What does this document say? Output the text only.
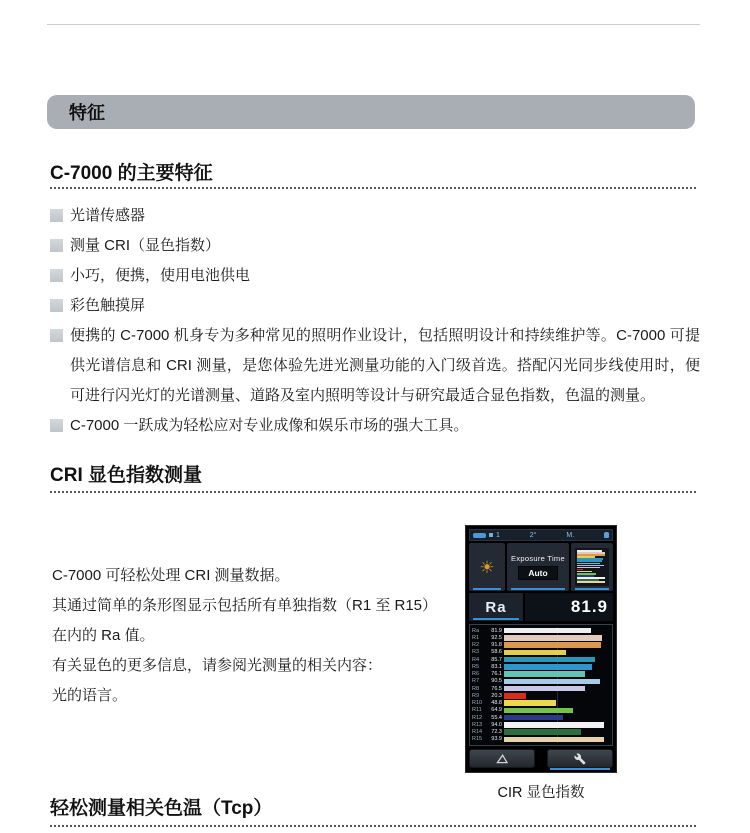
特征
C-7000 的主要特征
光谱传感器
测量 CRI（显色指数）
小巧，便携，使用电池供电
彩色触摸屏
便携的 C-7000 机身专为多种常见的照明作业设计，包括照明设计和持续维护等。C-7000 可提供光谱信息和 CRI 测量，是您体验先进光测量功能的入门级首选。搭配闪光同步线使用时，便可进行闪光灯的光谱测量、道路及室内照明等设计与研究最适合显色指数，色温的测量。
C-7000 一跃成为轻松应对专业成像和娱乐市场的强大工具。
CRI 显色指数测量
C-7000 可轻松处理 CRI 测量数据。
其通过简单的条形图显示包括所有单独指数（R1 至 R15）
在内的 Ra 值。
有关显色的更多信息，请参阅光测量的相关内容：
光的语言。
1	2°	M.
☀ Exposure Time
Auto
Ra	81.9
Ra	81.9
R1	92.5
R2	91.8
R3	58.6
R4	85.7
R5	83.1
R6	76.1
R7	90.5
R8	76.5
R9	20.3
R10	48.8
R11	64.9
R12	55.4
R13	94.0
R14	72.3
R15	93.9
CIR 显色指数
轻松测量相关色温（Tcp）
